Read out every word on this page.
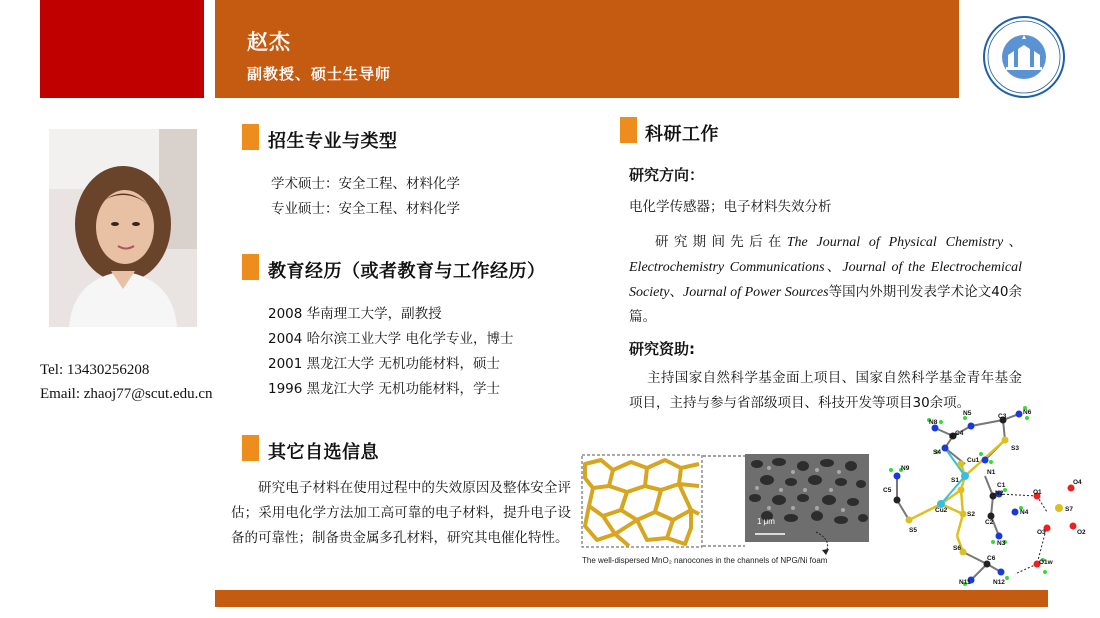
赵杰
副教授、硕士生导师
Tel: 13430256208
Email: zhaoj77@scut.edu.cn
招生专业与类型
学术硕士：安全工程、材料化学
专业硕士：安全工程、材料化学
教育经历（或者教育与工作经历）
2008 华南理工大学，副教授
2004 哈尔滨工业大学 电化学专业，博士
2001 黑龙江大学 无机功能材料，硕士
1996 黑龙江大学 无机功能材料，学士
其它自选信息
研究电子材料在使用过程中的失效原因及整体安全评估；采用电化学方法加工高可靠的电子材料，提升电子设备的可靠性；制备贵金属多孔材料，研究其电催化特性。
科研工作
研究方向：
电化学传感器；电子材料失效分析
研究期间先后在The Journal of Physical Chemistry、Electrochemistry Communications、Journal of the Electrochemical Society、Journal of Power Sources等国内外期刊发表学术论文40余篇。
研究资助:
主持国家自然科学基金面上项目、国家自然科学基金青年基金项目，主持与参与省部级项目、科技开发等项目30余项。
1 μm
The well-dispersed MnO₂ nanocones in the channels of NPG/Ni foam
N8
N5	C3
N6
C4
N7
S4
Cu1
S3
N1
N9
C1
S1
O1
O4
C5	N2
Cu2
S2	N4	S7
O3	O2
S5
C2
N3
S6
C6
O1w
N11	N12
